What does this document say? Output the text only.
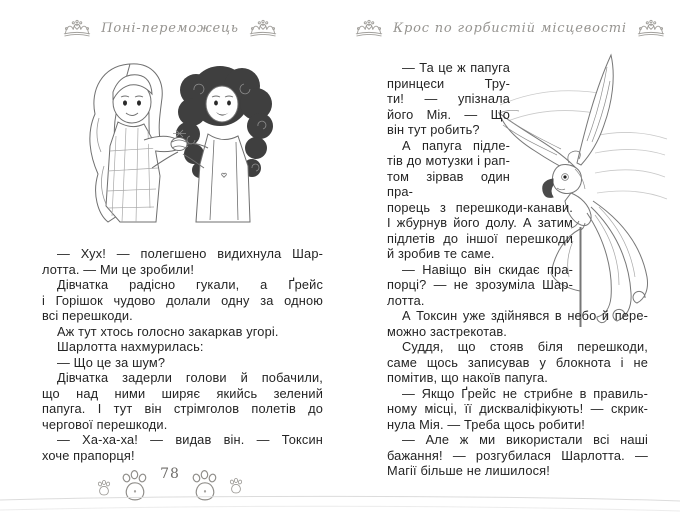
Поні-переможець
— Хух! — полегшено видихнула Шар-
лотта. — Ми це зробили!
Дівчатка радісно гукали, а Ґрейс
і Горішок чудово долали одну за одною
всі перешкоди.
Аж тут хтось голосно закаркав угорі.
Шарлотта нахмурилась:
— Що це за шум?
Дівчатка задерли голови й побачили,
що над ними ширяє якийсь зелений
папуга. І тут він стрімголов полетів до
чергової перешкоди.
— Ха-ха-ха! — видав він. — Токсин
хоче прапорця!
78
Крос по горбистій місцевості
— Та це ж папуга
принцеси Тру-
ти! — упізнала
його Мія. — Що
він тут робить?
А папуга підле-
тів до мотузки і рап-
том зірвав один пра-
порець з перешкоди-канави.
І жбурнув його долу. А затим
підлетів до іншої перешкоди
й зробив те саме.
— Навіщо він скидає пра-
порці? — не зрозуміла Шар-
лотта.
А Токсин уже здійнявся в небо й пере-
можно застрекотав.
Суддя, що стояв біля перешкоди,
саме щось записував у блокнота і не
помітив, що накоїв папуга.
— Якщо Ґрейс не стрибне в правиль-
ному місці, її дискваліфікують! — скрик-
нула Мія. — Треба щось робити!
— Але ж ми використали всі наші
бажання! — розгубилася Шарлотта. —
Магії більше не лишилося!
